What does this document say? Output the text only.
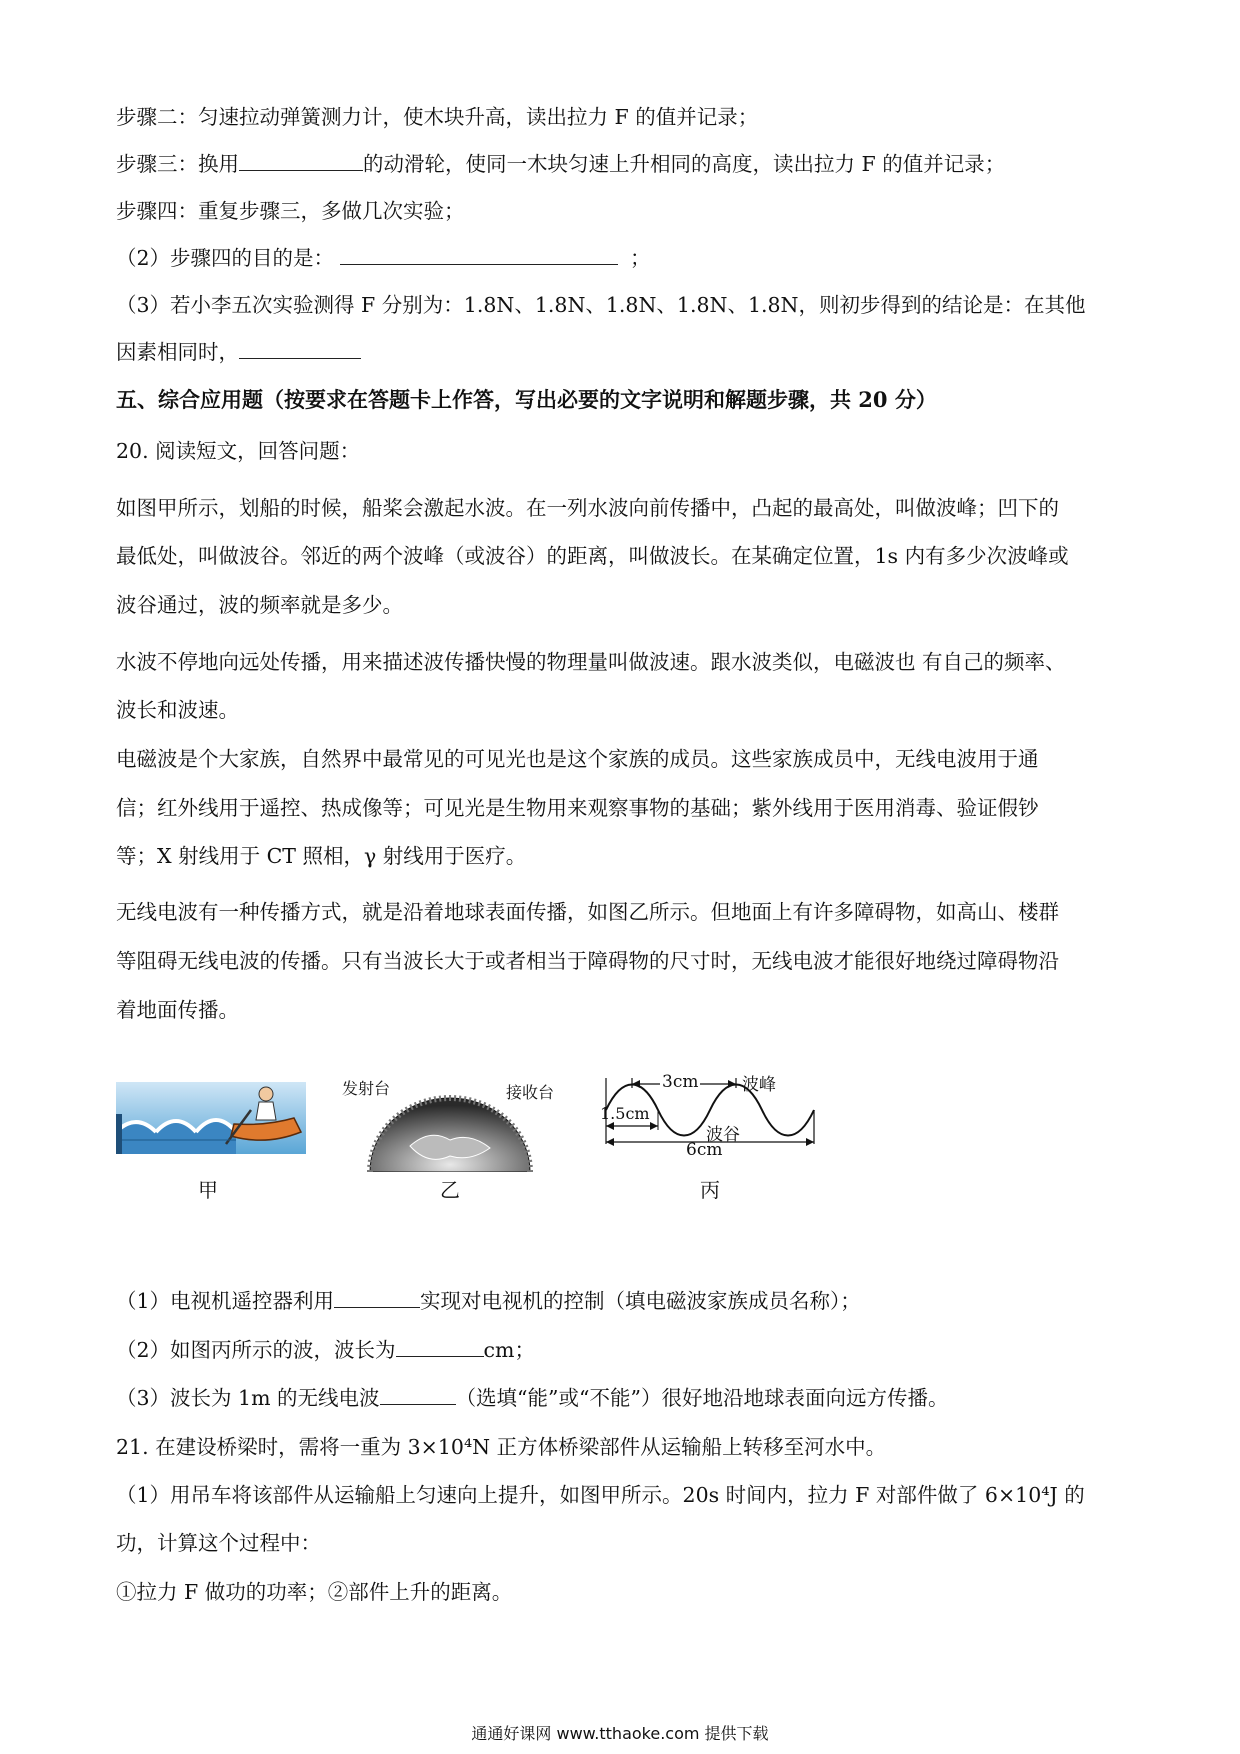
步骤二：匀速拉动弹簧测力计，使木块升高，读出拉力 F 的值并记录；
步骤三：换用	的动滑轮，使同一木块匀速上升相同的高度，读出拉力 F 的值并记录；
步骤四：重复步骤三，多做几次实验；
（2）步骤四的目的是：	；
（3）若小李五次实验测得 F 分别为：1.8N、1.8N、1.8N、1.8N、1.8N，则初步得到的结论是：在其他
因素相同时，
五、综合应用题（按要求在答题卡上作答，写出必要的文字说明和解题步骤，共 20 分）
20. 阅读短文，回答问题：
如图甲所示，划船的时候，船桨会激起水波。在一列水波向前传播中，凸起的最高处，叫做波峰；凹下的
最低处，叫做波谷。邻近的两个波峰（或波谷）的距离，叫做波长。在某确定位置，1s 内有多少次波峰或
波谷通过，波的频率就是多少。
水波不停地向远处传播，用来描述波传播快慢的物理量叫做波速。跟水波类似，电磁波也 有自己的频率、
波长和波速。
电磁波是个大家族，自然界中最常见的可见光也是这个家族的成员。这些家族成员中，无线电波用于通
信；红外线用于遥控、热成像等；可见光是生物用来观察事物的基础；紫外线用于医用消毒、验证假钞
等；X 射线用于 CT 照相，γ 射线用于医疗。
无线电波有一种传播方式，就是沿着地球表面传播，如图乙所示。但地面上有许多障碍物，如高山、楼群
等阻碍无线电波的传播。只有当波长大于或者相当于障碍物的尺寸时，无线电波才能很好地绕过障碍物沿
着地面传播。
甲
发射台	接收台
乙
3cm	波峰
1.5cm
波谷
6cm
丙
（1）电视机遥控器利用	实现对电视机的控制（填电磁波家族成员名称）；
（2）如图丙所示的波，波长为	cm；
（3）波长为 1m 的无线电波	（选填“能”或“不能”）很好地沿地球表面向远方传播。
21. 在建设桥梁时，需将一重为 3×10⁴N 正方体桥梁部件从运输船上转移至河水中。
（1）用吊车将该部件从运输船上匀速向上提升，如图甲所示。20s 时间内，拉力 F 对部件做了 6×10⁴J 的
功，计算这个过程中：
①拉力 F 做功的功率；②部件上升的距离。
通通好课网 www.tthaoke.com 提供下载
